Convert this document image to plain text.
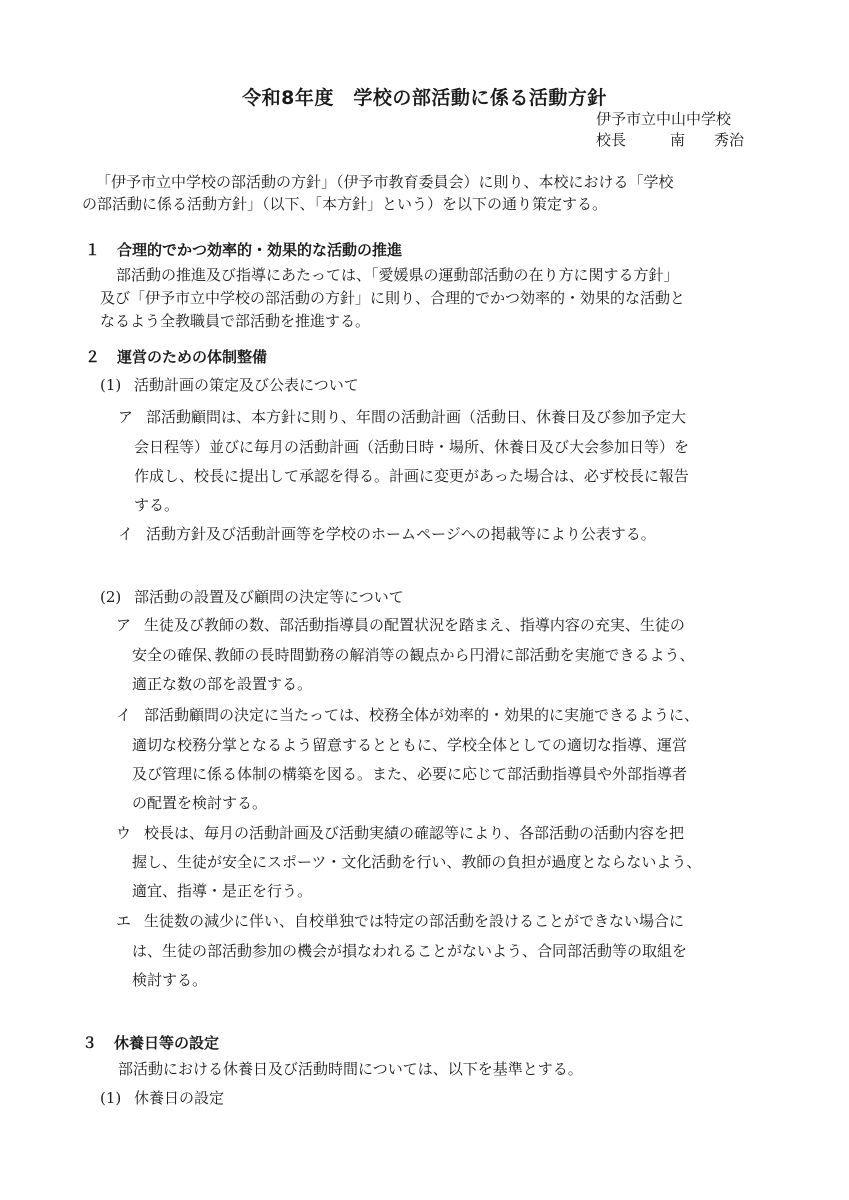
令和8年度　学校の部活動に係る活動方針
伊予市立中山中学校
校長	南 秀治
「伊予市立中学校の部活動の方針」（伊予市教育委員会）に則り、本校における「学校
の部活動に係る活動方針」（以下、「本方針」という）を以下の通り策定する。
１ 合理的でかつ効率的・効果的な活動の推進
部活動の推進及び指導にあたっては、「愛媛県の運動部活動の在り方に関する方針」
及び「伊予市立中学校の部活動の方針」に則り、合理的でかつ効率的・効果的な活動と
なるよう全教職員で部活動を推進する。
２ 運営のための体制整備
(1) 活動計画の策定及び公表について
ア 部活動顧問は、本方針に則り、年間の活動計画（活動日、休養日及び参加予定大
会日程等）並びに毎月の活動計画（活動日時・場所、休養日及び大会参加日等）を
作成し、校長に提出して承認を得る。計画に変更があった場合は、必ず校長に報告
する。
イ 活動方針及び活動計画等を学校のホームページへの掲載等により公表する。
(2) 部活動の設置及び顧問の決定等について
ア 生徒及び教師の数、部活動指導員の配置状況を踏まえ、指導内容の充実、生徒の
安全の確保､教師の長時間勤務の解消等の観点から円滑に部活動を実施できるよう、
適正な数の部を設置する。
イ 部活動顧問の決定に当たっては、校務全体が効率的・効果的に実施できるように、
適切な校務分掌となるよう留意するとともに、学校全体としての適切な指導、運営
及び管理に係る体制の構築を図る。また、必要に応じて部活動指導員や外部指導者
の配置を検討する。
ウ 校長は、毎月の活動計画及び活動実績の確認等により、各部活動の活動内容を把
握し、生徒が安全にスポーツ・文化活動を行い、教師の負担が過度とならないよう、
適宜、指導・是正を行う。
エ 生徒数の減少に伴い、自校単独では特定の部活動を設けることができない場合に
は、生徒の部活動参加の機会が損なわれることがないよう、合同部活動等の取組を
検討する。
３ 休養日等の設定
部活動における休養日及び活動時間については、以下を基準とする。
(1) 休養日の設定
